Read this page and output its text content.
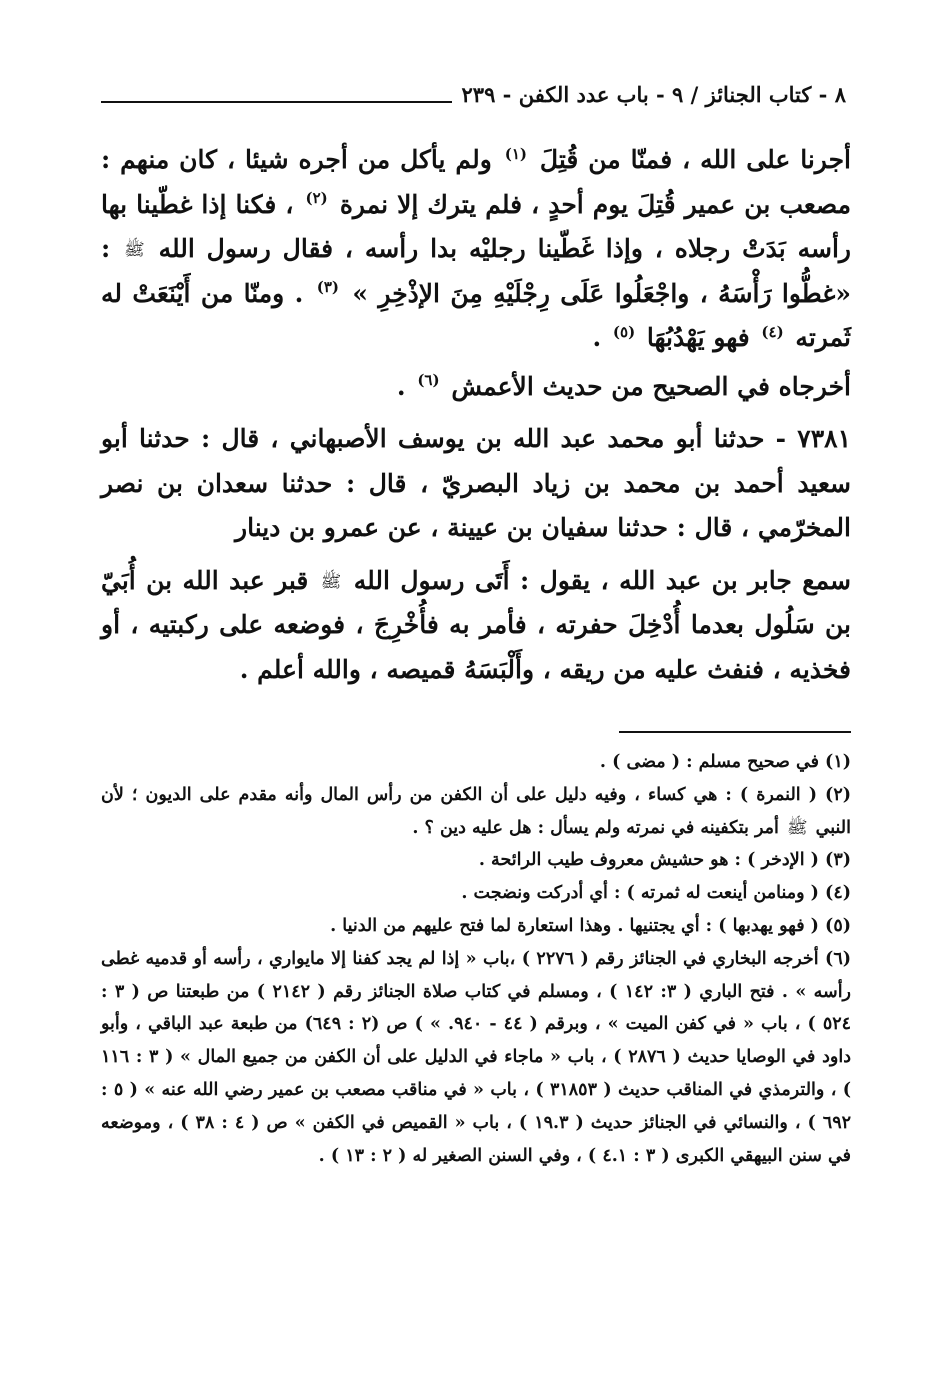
٨ - كتاب الجنائز / ٩ - باب عدد الكفن - ٢٣٩

أجرنا على الله ، فمنّا من قُتِلَ $^{(١)}$ ولم يأكل من أجره شيئا ، كان منهم : مصعب بن عمير قُتِلَ يوم أحدٍ ، فلم يترك إلا نمرة $^{(٢)}$ ، فكنا إذا غطّينا بها رأسه بَدَتْ رجلاه ، وإذا غَطّينا رجليْه بدا رأسه ، فقال رسول الله ﷺ : «غطُّوا رَأْسَهُ ، واجْعَلُوا عَلَى رِجْلَيْهِ مِنَ الإذْخِرِ » $^{(٣)}$ . ومنّا من أَيْنَعَتْ له ثَمرته $^{(٤)}$ فهو يَهْدُبُهَا $^{(٥)}$ .

أخرجاه في الصحيح من حديث الأعمش $^{(٦)}$ .

٧٣٨١ - حدثنا أبو محمد عبد الله بن يوسف الأصبهاني ، قال : حدثنا أبو سعيد أحمد بن محمد بن زياد البصريّ ، قال : حدثنا سعدان بن نصر المخرّمي ، قال : حدثنا سفيان بن عيينة ، عن عمرو بن دينار

سمع جابر بن عبد الله ، يقول : أَتَى رسول الله ﷺ قبر عبد الله بن أُبَيّ بن سَلُول بعدما أُدْخِلَ حفرته ، فأمر به فأُخْرِجَ ، فوضعه على ركبتيه ، أو فخذيه ، فنفث عليه من ريقه ، وأَلْبَسَهُ قميصه ، والله أعلم .

(١) في صحيح مسلم : ( مضى ) .

(٢) ( النمرة ) : هي كساء ، وفيه دليل على أن الكفن من رأس المال وأنه مقدم على الديون ؛ لأن النبي ﷺ أمر بتكفينه في نمرته ولم يسأل : هل عليه دين ؟ .

(٣) ( الإدخر ) : هو حشيش معروف طيب الرائحة .

(٤) ( ومنامن أينعت له ثمرته ) : أي أدركت ونضجت .

(٥) ( فهو يهدبها ) : أي يجتنيها . وهذا استعارة لما فتح عليهم من الدنيا .

(٦) أخرجه البخاري في الجنائز رقم ( ٢٢٧٦ ) ،باب « إذا لم يجد كفنا إلا مايواري ، رأسه أو قدميه غطى رأسه » . فتح الباري ( ٣: ١٤٢ ) ، ومسلم في كتاب صلاة الجنائز رقم ( ٢١٤٢ ) من طبعتنا ص ( ٣ : ٥٢٤ ) ، باب « في كفن الميت » ، وبرقم ( ٤٤ - ٩٤٠. » ) ص (٢ : ٦٤٩) من طبعة عبد الباقي ، وأبو داود في الوصايا حديث ( ٢٨٧٦ ) ، باب « ماجاء في الدليل على أن الكفن من جميع المال » ( ٣ : ١١٦ ) ، والترمذي في المناقب حديث ( ٣١٨٥٣ ) ، باب « في مناقب مصعب بن عمير رضي الله عنه » ( ٥ : ٦٩٢ ) ، والنسائي في الجنائز حديث ( ١٩.٣ ) ، باب « القميص في الكفن » ص ( ٤ : ٣٨ ) ، وموضعه في سنن البيهقي الكبرى ( ٣ : ٤.١ ) ، وفي السنن الصغير له ( ٢ : ١٣ ) .
